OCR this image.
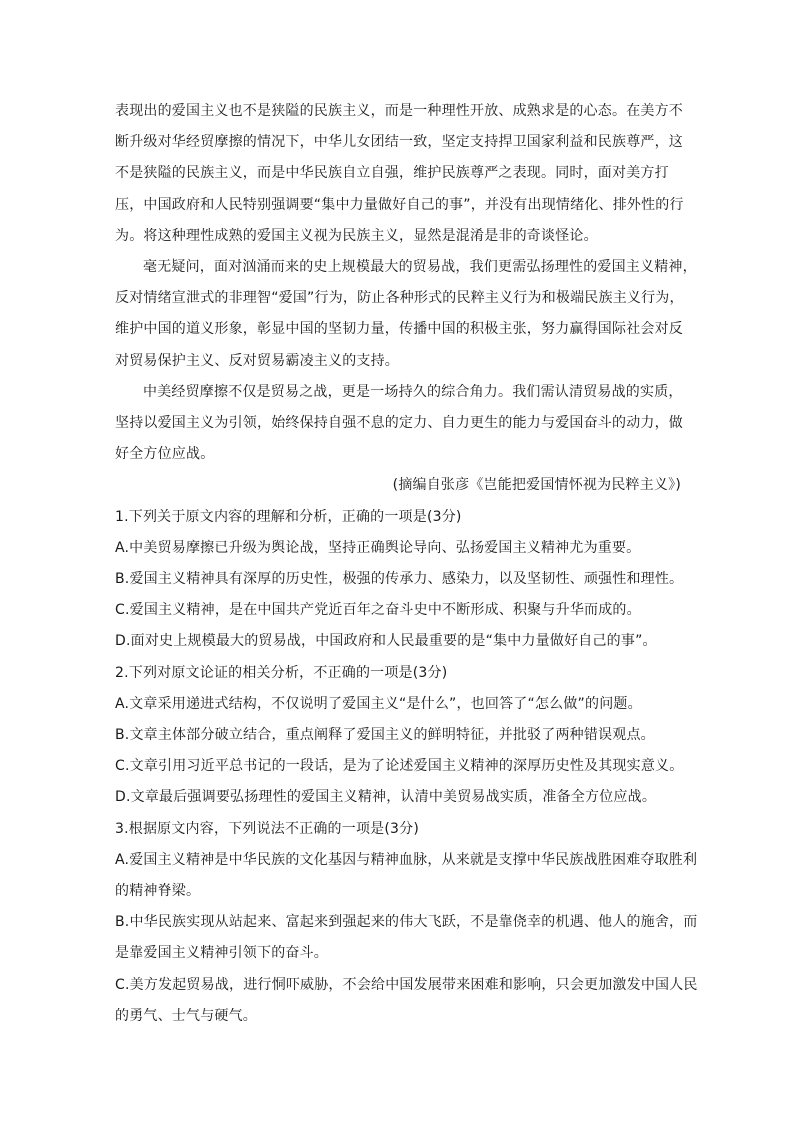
表现出的爱国主义也不是狭隘的民族主义，而是一种理性开放、成熟求是的心态。在美方不
断升级对华经贸摩擦的情况下，中华儿女团结一致，坚定支持捍卫国家利益和民族尊严，这
不是狭隘的民族主义，而是中华民族自立自强，维护民族尊严之表现。同时，面对美方打
压，中国政府和人民特别强调要“集中力量做好自己的事”，并没有出现情绪化、排外性的行
为。将这种理性成熟的爱国主义视为民族主义，显然是混淆是非的奇谈怪论。

毫无疑问，面对汹涌而来的史上规模最大的贸易战，我们更需弘扬理性的爱国主义精神，
反对情绪宣泄式的非理智“爱国”行为，防止各种形式的民粹主义行为和极端民族主义行为，
维护中国的道义形象，彰显中国的坚韧力量，传播中国的积极主张，努力赢得国际社会对反
对贸易保护主义、反对贸易霸凌主义的支持。

中美经贸摩擦不仅是贸易之战，更是一场持久的综合角力。我们需认清贸易战的实质，
坚持以爱国主义为引领，始终保持自强不息的定力、自力更生的能力与爱国奋斗的动力，做
好全方位应战。

(摘编自张彦《岂能把爱国情怀视为民粹主义》)

1.下列关于原文内容的理解和分析，正确的一项是(3分)

A.中美贸易摩擦已升级为舆论战，坚持正确舆论导向、弘扬爱国主义精神尤为重要。

B.爱国主义精神具有深厚的历史性，极强的传承力、感染力，以及坚韧性、顽强性和理性。

C.爱国主义精神，是在中国共产党近百年之奋斗史中不断形成、积聚与升华而成的。

D.面对史上规模最大的贸易战，中国政府和人民最重要的是“集中力量做好自己的事”。

2.下列对原文论证的相关分析，不正确的一项是(3分)

A.文章采用递进式结构，不仅说明了爱国主义“是什么”，也回答了“怎么做”的问题。

B.文章主体部分破立结合，重点阐释了爱国主义的鲜明特征，并批驳了两种错误观点。

C.文章引用习近平总书记的一段话，是为了论述爱国主义精神的深厚历史性及其现实意义。

D.文章最后强调要弘扬理性的爱国主义精神，认清中美贸易战实质，准备全方位应战。

3.根据原文内容，下列说法不正确的一项是(3分)

A.爱国主义精神是中华民族的文化基因与精神血脉，从来就是支撑中华民族战胜困难夺取胜利
的精神脊梁。

B.中华民族实现从站起来、富起来到强起来的伟大飞跃，不是靠侥幸的机遇、他人的施舍，而
是靠爱国主义精神引领下的奋斗。

C.美方发起贸易战，进行恫吓威胁，不会给中国发展带来困难和影响，只会更加激发中国人民
的勇气、士气与硬气。
